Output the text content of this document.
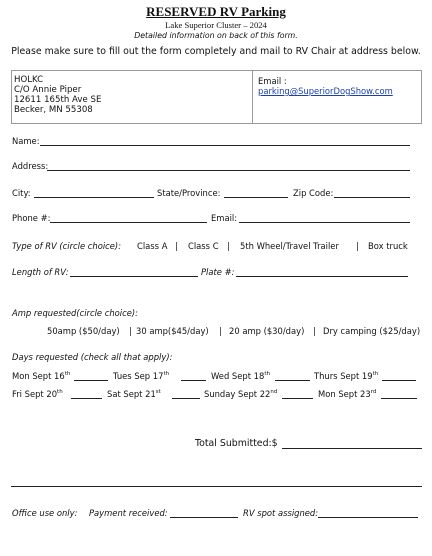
RESERVED RV Parking
Lake Superior Cluster – 2024
Detailed information on back of this form.
Please make sure to fill out the form completely and mail to RV Chair at address below.
HOLKC
C/O Annie Piper
12611 165th Ave SE
Becker, MN 55308
Email : parking@SuperiorDogShow.com
Name:
Address:
City:	State/Province:	Zip Code:
Phone #:	Email:
Type of RV (circle choice): Class A | Class C | 5th Wheel/Travel Trailer | Box truck
Length of RV:	Plate #:
Amp requested(circle choice):
50amp ($50/day) | 30 amp($45/day) | 20 amp ($30/day) | Dry camping ($25/day)
Days requested (check all that apply):
Mon Sept 16th	Tues Sep 17th	Wed Sept 18th	Thurs Sept 19th
Fri Sept 20th	Sat Sept 21st	Sunday Sept 22nd	Mon Sept 23rd
Total Submitted:$
Office use only: Payment received:	RV spot assigned:
